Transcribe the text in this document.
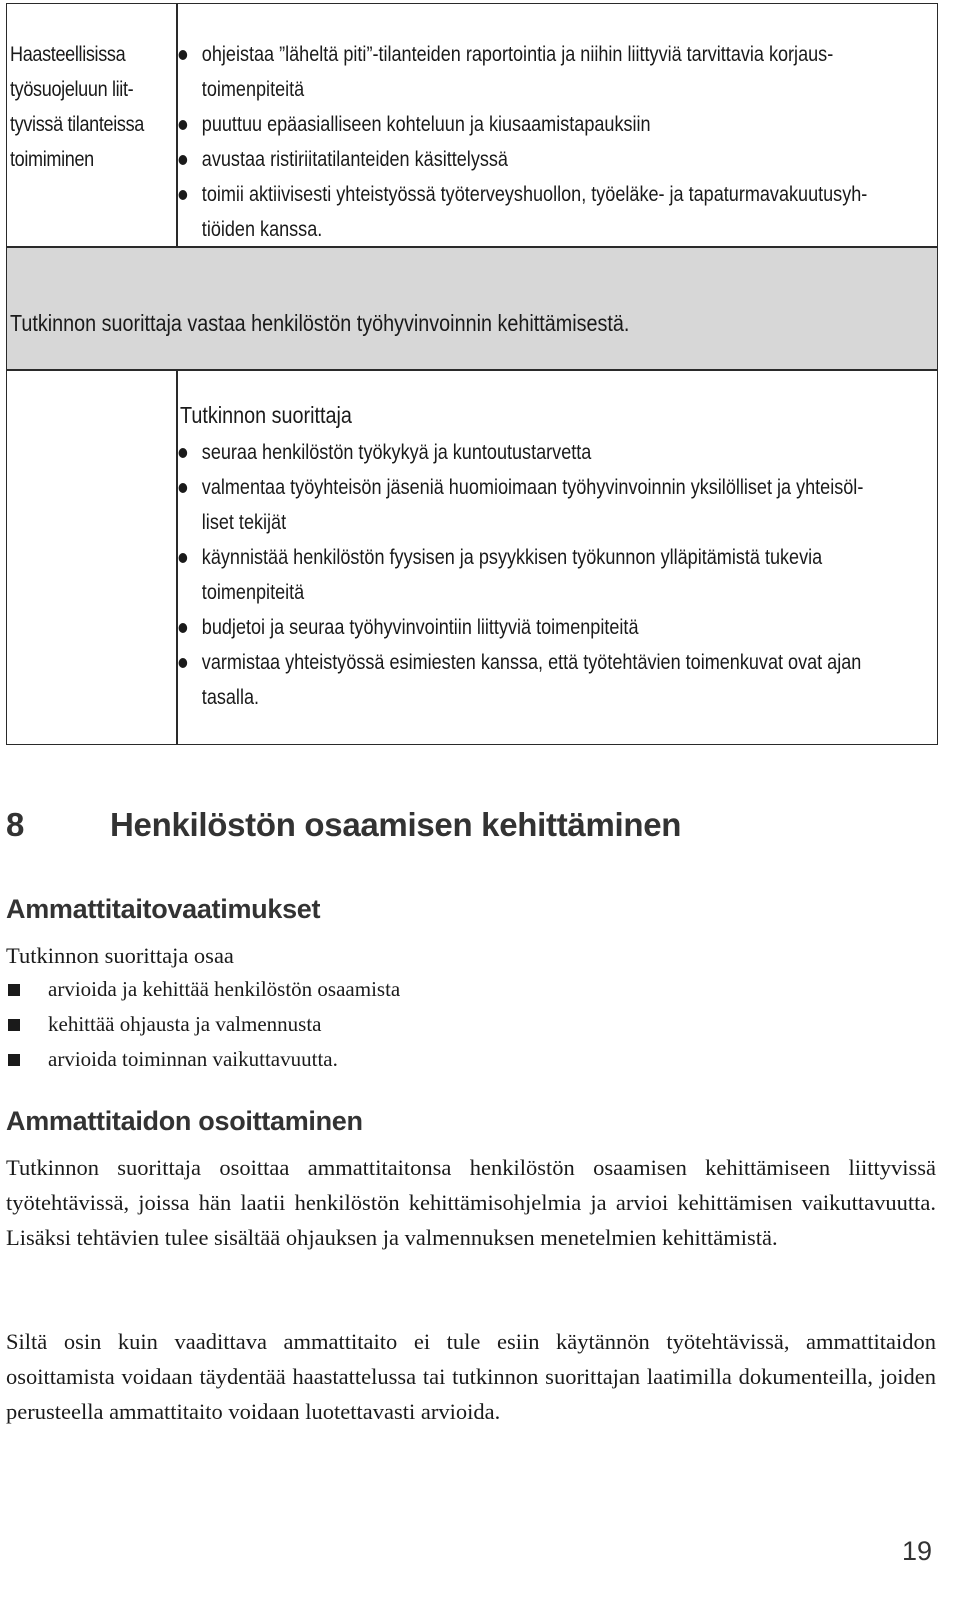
Haasteellisissa
työsuojeluun liit-
tyvissä tilanteissa
toimiminen
ohjeistaa ”läheltä piti”-tilanteiden raportointia ja niihin liittyviä tarvittavia korjaus-
toimenpiteitä
puuttuu epäasialliseen kohteluun ja kiusaamistapauksiin
avustaa ristiriitatilanteiden käsittelyssä
toimii aktiivisesti yhteistyössä työterveyshuollon, työeläke- ja tapaturmavakuutusyh-
tiöiden kanssa.
Tutkinnon suorittaja vastaa henkilöstön työhyvinvoinnin kehittämisestä.
Tutkinnon suorittaja
seuraa henkilöstön työkykyä ja kuntoutustarvetta
valmentaa työyhteisön jäseniä huomioimaan työhyvinvoinnin yksilölliset ja yhteisöl-
liset tekijät
käynnistää henkilöstön fyysisen ja psyykkisen työkunnon ylläpitämistä tukevia
toimenpiteitä
budjetoi ja seuraa työhyvinvointiin liittyviä toimenpiteitä
varmistaa yhteistyössä esimiesten kanssa, että työtehtävien toimenkuvat ovat ajan
tasalla.
8	Henkilöstön osaamisen kehittäminen
Ammattitaitovaatimukset

Tutkinnon suorittaja osaa

arvioida ja kehittää henkilöstön osaamista
kehittää ohjausta ja valmennusta
arvioida toiminnan vaikuttavuutta.
Ammattitaidon osoittaminen

Tutkinnon suorittaja osoittaa ammattitaitonsa henkilöstön osaamisen kehittämiseen liittyvissä työtehtävissä, joissa hän laatii henkilöstön kehittämisohjelmia ja arvioi kehittämisen vaikuttavuutta. Lisäksi tehtävien tulee sisältää ohjauksen ja valmennuksen menetelmien kehittämistä.

Siltä osin kuin vaadittava ammattitaito ei tule esiin käytännön työtehtävissä, ammattitaidon osoittamista voidaan täydentää haastattelussa tai tutkinnon suorittajan laatimilla dokumenteilla, joiden perusteella ammattitaito voidaan luotettavasti arvioida.

19
